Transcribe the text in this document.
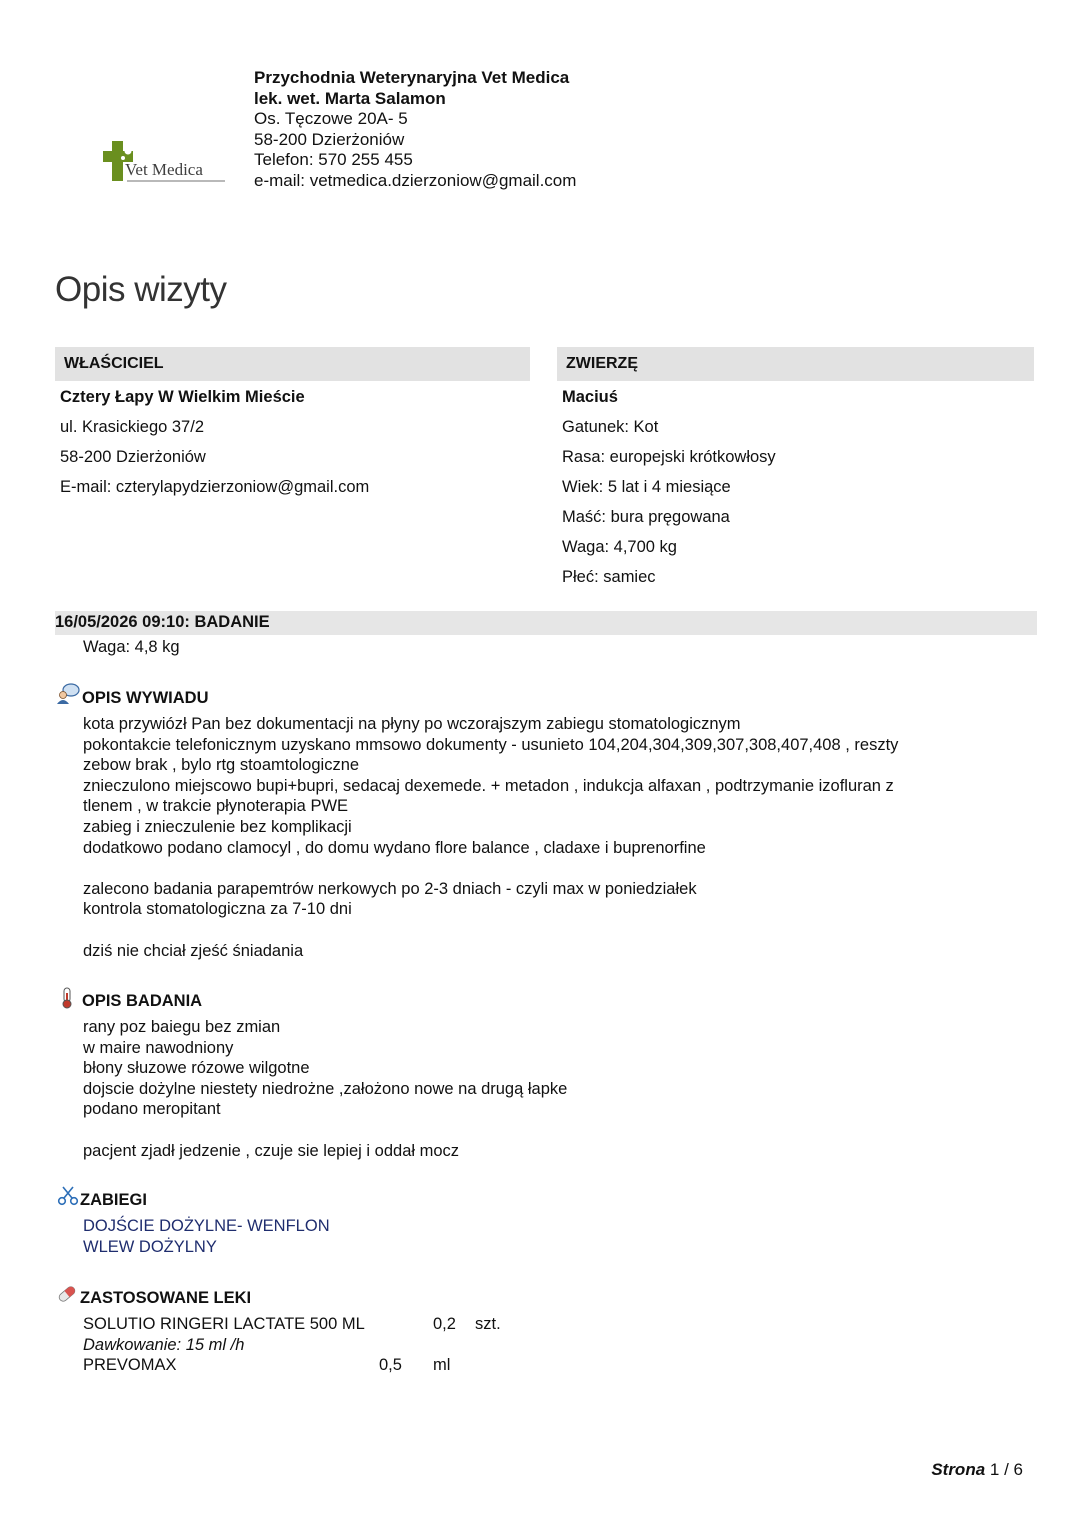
Vet Medica
Przychodnia Weterynaryjna Vet Medica
lek. wet. Marta Salamon
Os. Tęczowe 20A- 5
58-200 Dzierżoniów
Telefon: 570 255 455
e-mail: vetmedica.dzierzoniow@gmail.com
Opis wizyty
WŁAŚCICIEL	ZWIERZĘ
Cztery Łapy W Wielkim Mieście
ul. Krasickiego 37/2
58-200 Dzierżoniów
E-mail: czterylapydzierzoniow@gmail.com
Maciuś
Gatunek: Kot
Rasa: europejski krótkowłosy
Wiek: 5 lat i 4 miesiące
Maść: bura pręgowana
Waga: 4,700 kg
Płeć: samiec
16/05/2026 09:10: BADANIE
Waga: 4,8 kg
OPIS WYWIADU
kota przywiózł Pan bez dokumentacji na płyny po wczorajszym zabiegu stomatologicznym
pokontakcie telefonicznym uzyskano mmsowo dokumenty - usunieto 104,204,304,309,307,308,407,408 , reszty
zebow brak , bylo rtg stoamtologiczne
znieczulono miejscowo bupi+bupri, sedacaj dexemede. + metadon , indukcja alfaxan , podtrzymanie izofluran z
tlenem , w trakcie płynoterapia PWE
zabieg i znieczulenie bez komplikacji
dodatkowo podano clamocyl , do domu wydano flore balance , cladaxe i buprenorfine
zalecono badania parapemtrów nerkowych po 2-3 dniach - czyli max w poniedziałek
kontrola stomatologiczna za 7-10 dni
dziś nie chciał zjeść śniadania
OPIS BADANIA
rany poz baiegu bez zmian
w maire nawodniony
błony słuzowe rózowe wilgotne
dojscie dożylne niestety niedrożne ,założono nowe na drugą łapke
podano meropitant
pacjent zjadł jedzenie , czuje sie lepiej i oddał mocz
ZABIEGI
DOJŚCIE DOŻYLNE- WENFLON
WLEW DOŻYLNY
ZASTOSOWANE LEKI
SOLUTIO RINGERI LACTATE 500 ML	0,2 szt.
Dawkowanie: 15 ml /h
PREVOMAX	0,5 ml
Strona 1 / 6
